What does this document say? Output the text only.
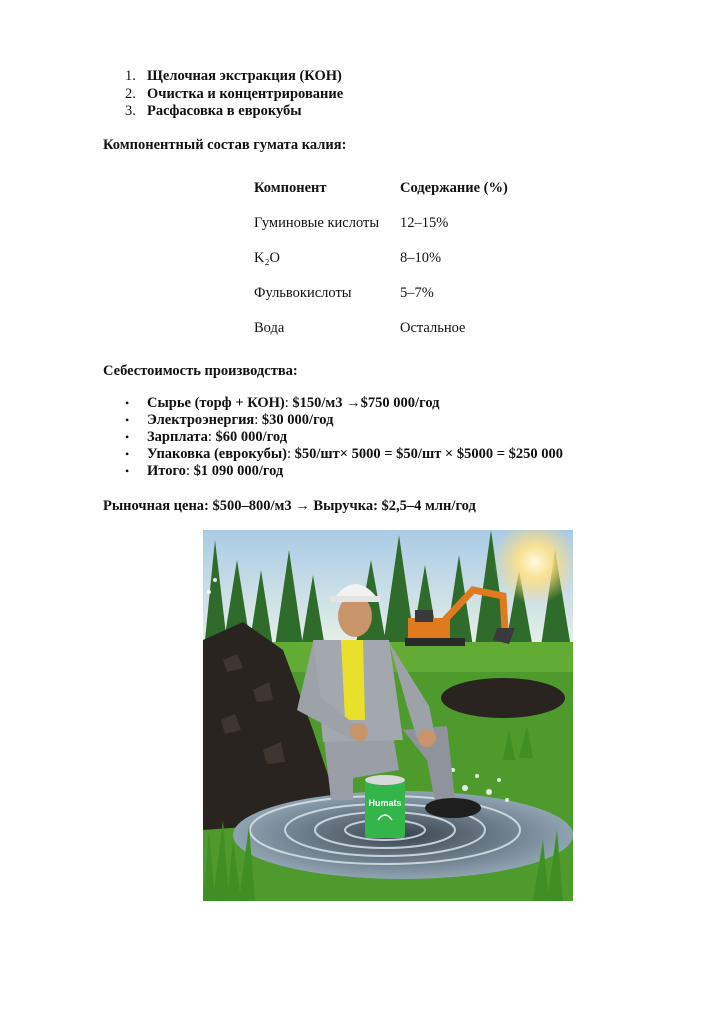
1. Щелочная экстракция (КОН)
2. Очистка и концентрирование
3. Расфасовка в еврокубы
Компонентный состав гумата калия:
Компонент	Содержание (%)
Гуминовые кислоты	12–15%
K₂O	8–10%
Фульвокислоты	5–7%
Вода	Остальное
Себестоимость производства:
• Сырье (торф + КОН): $150/м3 →$750 000/год
• Электроэнергия: $30 000/год
• Зарплата: $60 000/год
• Упаковка (еврокубы): $50/шт× 5000 = $50/шт × $5000 = $250 000
• Итого: $1 090 000/год
Рыночная цена: $500–800/м3 → Выручка: $2,5–4 млн/год
Humats
